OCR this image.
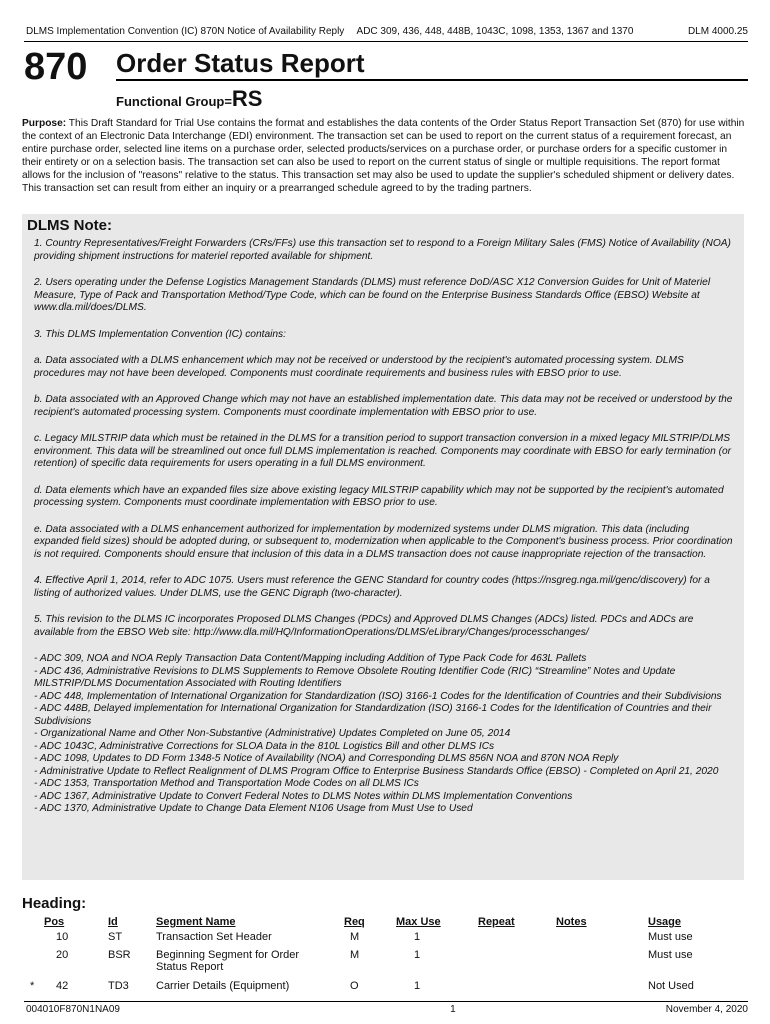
DLMS Implementation Convention (IC) 870N Notice of Availability Reply ADC 309, 436, 448, 448B, 1043C, 1098, 1353, 1367 and 1370	DLM 4000.25
870 Order Status Report
Functional Group=RS
Purpose: This Draft Standard for Trial Use contains the format and establishes the data contents of the Order Status Report Transaction Set (870) for use within the context of an Electronic Data Interchange (EDI) environment. The transaction set can be used to report on the current status of a requirement forecast, an entire purchase order, selected line items on a purchase order, selected products/services on a purchase order, or purchase orders for a specific customer in their entirety or on a selection basis. The transaction set can also be used to report on the current status of single or multiple requisitions. The report format allows for the inclusion of "reasons" relative to the status. This transaction set may also be used to update the supplier's scheduled shipment or delivery dates. This transaction set can result from either an inquiry or a prearranged schedule agreed to by the trading partners.
DLMS Note:

1. Country Representatives/Freight Forwarders (CRs/FFs) use this transaction set to respond to a Foreign Military Sales (FMS) Notice of Availability (NOA) providing shipment instructions for materiel reported available for shipment.

2. Users operating under the Defense Logistics Management Standards (DLMS) must reference DoD/ASC X12 Conversion Guides for Unit of Materiel Measure, Type of Pack and Transportation Method/Type Code, which can be found on the Enterprise Business Standards Office (EBSO) Website at www.dla.mil/does/DLMS.

3. This DLMS Implementation Convention (IC) contains:

a. Data associated with a DLMS enhancement which may not be received or understood by the recipient's automated processing system. DLMS procedures may not have been developed. Components must coordinate requirements and business rules with EBSO prior to use.

b. Data associated with an Approved Change which may not have an established implementation date. This data may not be received or understood by the recipient's automated processing system. Components must coordinate implementation with EBSO prior to use.

c. Legacy MILSTRIP data which must be retained in the DLMS for a transition period to support transaction conversion in a mixed legacy MILSTRIP/DLMS environment. This data will be streamlined out once full DLMS implementation is reached. Components may coordinate with EBSO for early termination (or retention) of specific data requirements for users operating in a full DLMS environment.

d. Data elements which have an expanded files size above existing legacy MILSTRIP capability which may not be supported by the recipient's automated processing system. Components must coordinate implementation with EBSO prior to use.

e. Data associated with a DLMS enhancement authorized for implementation by modernized systems under DLMS migration. This data (including expanded field sizes) should be adopted during, or subsequent to, modernization when applicable to the Component's business process. Prior coordination is not required. Components should ensure that inclusion of this data in a DLMS transaction does not cause inappropriate rejection of the transaction.

4. Effective April 1, 2014, refer to ADC 1075. Users must reference the GENC Standard for country codes (https://nsgreg.nga.mil/genc/discovery) for a listing of authorized values. Under DLMS, use the GENC Digraph (two-character).

5. This revision to the DLMS IC incorporates Proposed DLMS Changes (PDCs) and Approved DLMS Changes (ADCs) listed. PDCs and ADCs are available from the EBSO Web site: http://www.dla.mil/HQ/InformationOperations/DLMS/eLibrary/Changes/processchanges/

- ADC 309, NOA and NOA Reply Transaction Data Content/Mapping including Addition of Type Pack Code for 463L Pallets

- ADC 436, Administrative Revisions to DLMS Supplements to Remove Obsolete Routing Identifier Code (RIC) “Streamline” Notes and Update MILSTRIP/DLMS Documentation Associated with Routing Identifiers

- ADC 448, Implementation of International Organization for Standardization (ISO) 3166-1 Codes for the Identification of Countries and their Subdivisions

- ADC 448B, Delayed implementation for International Organization for Standardization (ISO) 3166-1 Codes for the Identification of Countries and their Subdivisions

- Organizational Name and Other Non-Substantive (Administrative) Updates Completed on June 05, 2014

- ADC 1043C, Administrative Corrections for SLOA Data in the 810L Logistics Bill and other DLMS ICs

- ADC 1098, Updates to DD Form 1348-5 Notice of Availability (NOA) and Corresponding DLMS 856N NOA and 870N NOA Reply

- Administrative Update to Reflect Realignment of DLMS Program Office to Enterprise Business Standards Office (EBSO) - Completed on April 21, 2020

- ADC 1353, Transportation Method and Transportation Mode Codes on all DLMS ICs

- ADC 1367, Administrative Update to Convert Federal Notes to DLMS Notes within DLMS Implementation Conventions

- ADC 1370, Administrative Update to Change Data Element N106 Usage from Must Use to Used

Heading:
	Pos	Id	Segment Name	Req	Max Use	Repeat	Notes	Usage
	10	ST	Transaction Set Header	M	1			Must use
	20	BSR	Beginning Segment for Order Status Report	M	1			Must use
*	42	TD3	Carrier Details (Equipment)	O	1			Not Used
004010F870N1NA09	1	November 4, 2020
